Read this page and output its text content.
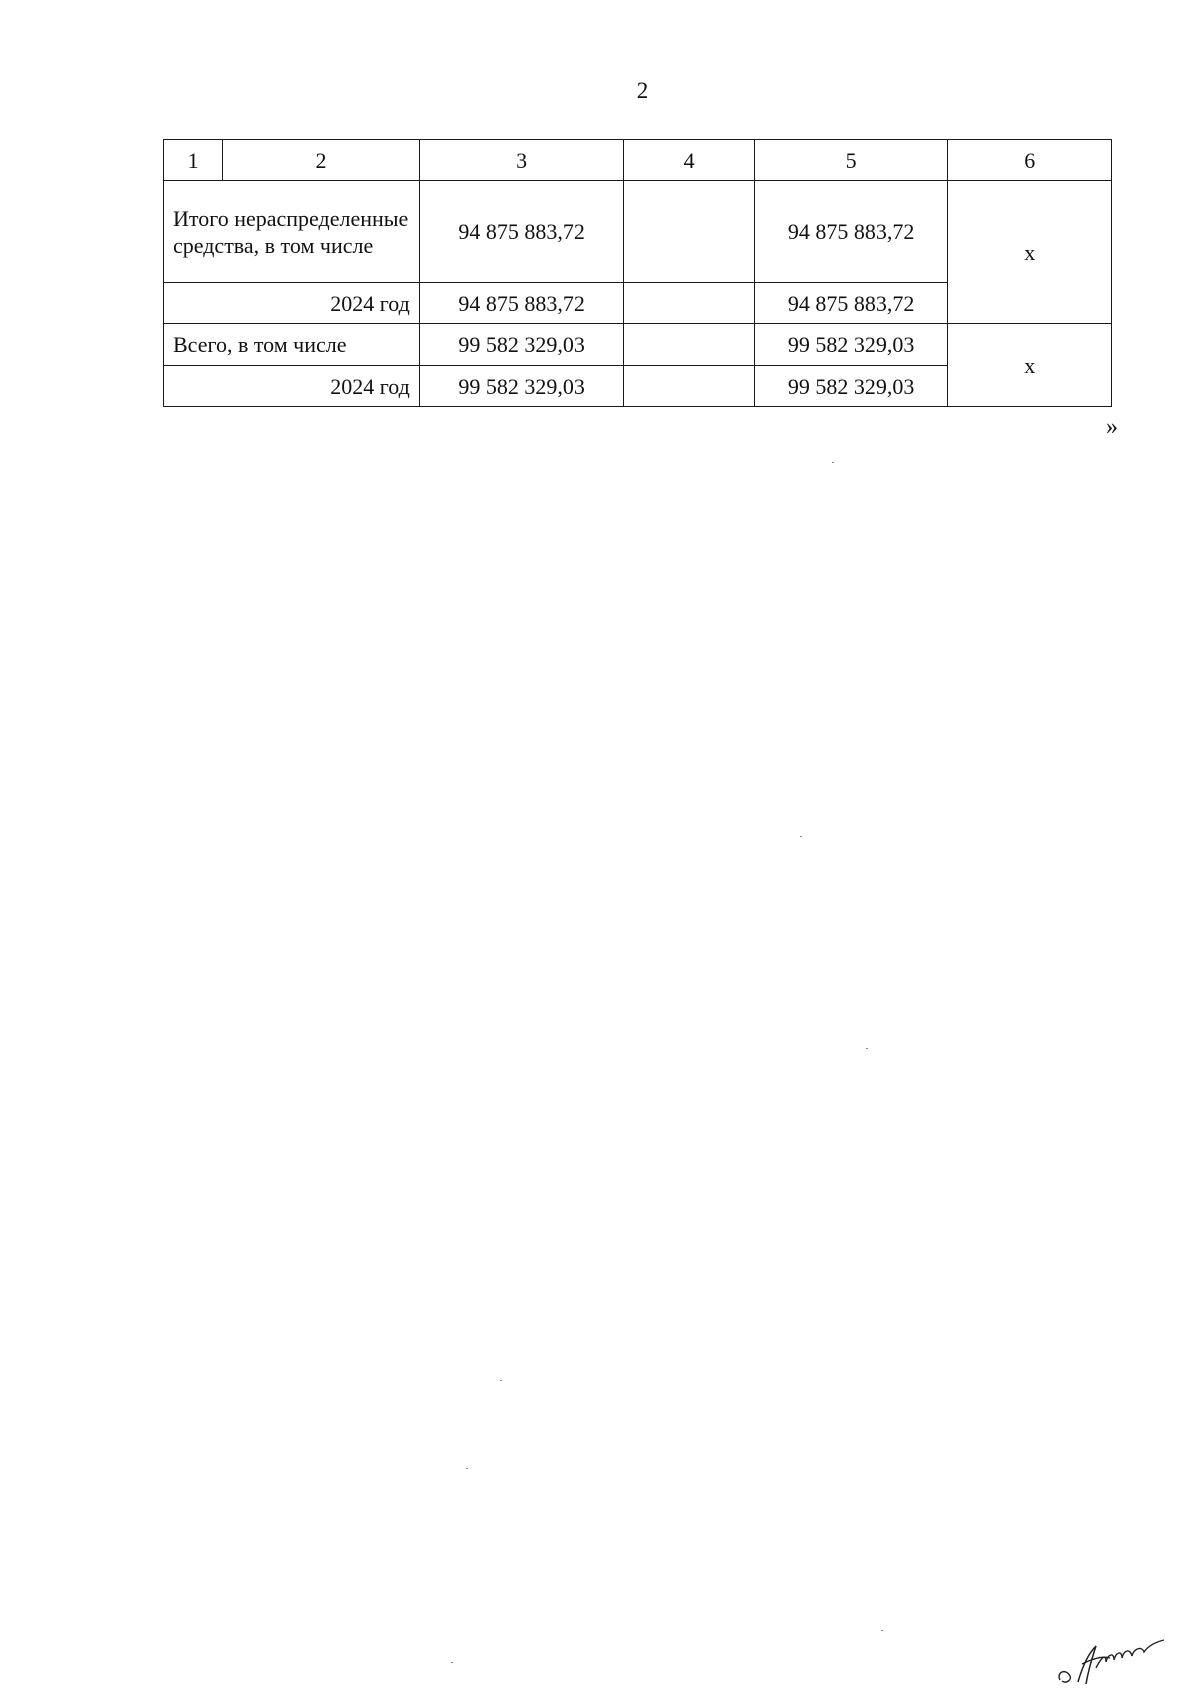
2
1	2	3	4	5	6
Итого нераспределенные средства, в том числе		94 875 883,72		94 875 883,72	х
2024 год		94 875 883,72		94 875 883,72	
Всего, в том числе		99 582 329,03		99 582 329,03	х
2024 год		99 582 329,03		99 582 329,03	
»
